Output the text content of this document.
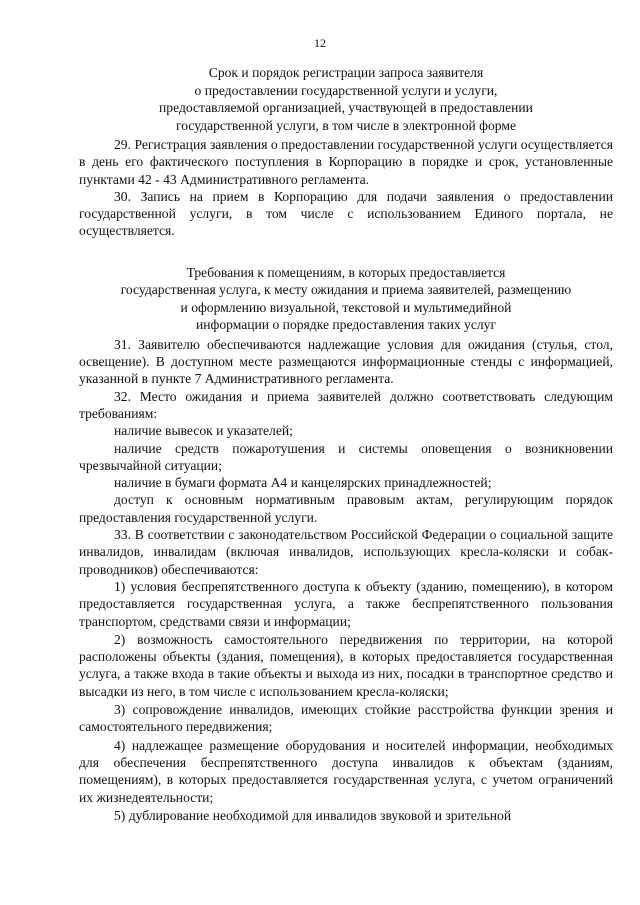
12
Срок и порядок регистрации запроса заявителя
о предоставлении государственной услуги и услуги,
предоставляемой организацией, участвующей в предоставлении
государственной услуги, в том числе в электронной форме

29. Регистрация заявления о предоставлении государственной услуги осуществляется в день его фактического поступления в Корпорацию в порядке и срок, установленные пунктами 42 - 43 Административного регламента.

30. Запись на прием в Корпорацию для подачи заявления о предоставлении государственной услуги, в том числе с использованием Единого портала, не осуществляется.

Требования к помещениям, в которых предоставляется
государственная услуга, к месту ожидания и приема заявителей, размещению
и оформлению визуальной, текстовой и мультимедийной
информации о порядке предоставления таких услуг

31. Заявителю обеспечиваются надлежащие условия для ожидания (стулья, стол, освещение). В доступном месте размещаются информационные стенды с информацией, указанной в пункте 7 Административного регламента.

32. Место ожидания и приема заявителей должно соответствовать следующим требованиям:

наличие вывесок и указателей;

наличие средств пожаротушения и системы оповещения о возникновении чрезвычайной ситуации;

наличие в бумаги формата А4 и канцелярских принадлежностей;

доступ к основным нормативным правовым актам, регулирующим порядок предоставления государственной услуги.

33. В соответствии с законодательством Российской Федерации о социальной защите инвалидов, инвалидам (включая инвалидов, использующих кресла-коляски и собак-проводников) обеспечиваются:

1) условия беспрепятственного доступа к объекту (зданию, помещению), в котором предоставляется государственная услуга, а также беспрепятственного пользования транспортом, средствами связи и информации;

2) возможность самостоятельного передвижения по территории, на которой расположены объекты (здания, помещения), в которых предоставляется государственная услуга, а также входа в такие объекты и выхода из них, посадки в транспортное средство и высадки из него, в том числе с использованием кресла-коляски;

3) сопровождение инвалидов, имеющих стойкие расстройства функции зрения и самостоятельного передвижения;

4) надлежащее размещение оборудования и носителей информации, необходимых для обеспечения беспрепятственного доступа инвалидов к объектам (зданиям, помещениям), в которых предоставляется государственная услуга, с учетом ограничений их жизнедеятельности;

5) дублирование необходимой для инвалидов звуковой и зрительной
